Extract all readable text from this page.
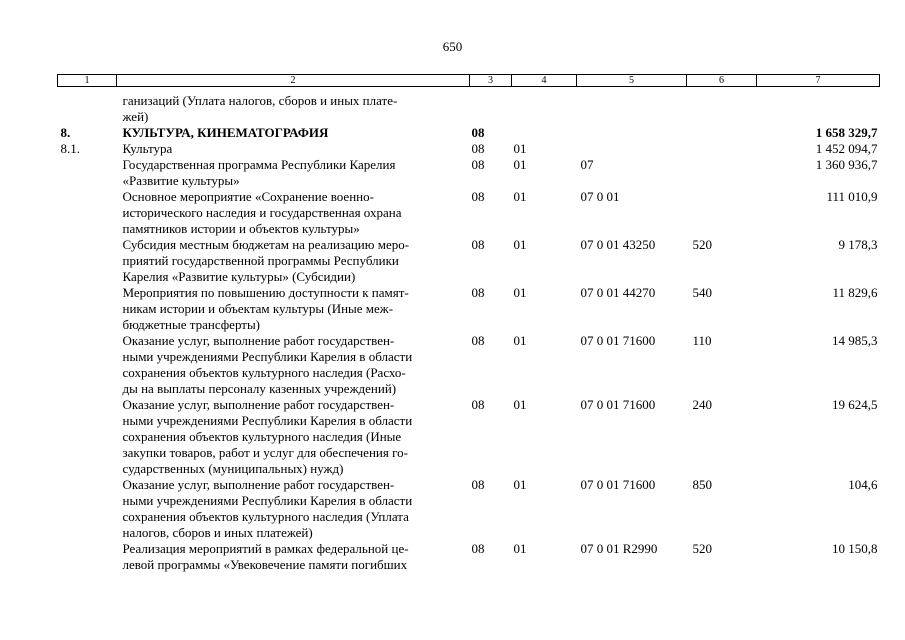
650
1	2	3	4	5	6	7

	ганизаций (Уплата налогов, сборов и иных плате-
жей)					
8.	КУЛЬТУРА, КИНЕМАТОГРАФИЯ	08				1 658 329,7
8.1.	Культура	08	01			1 452 094,7
	Государственная программа Республики Карелия
«Развитие культуры»	08	01	07		1 360 936,7
	Основное мероприятие «Сохранение военно-
исторического наследия и государственная охрана
памятников истории и объектов культуры»	08	01	07 0 01		111 010,9
	Субсидия местным бюджетам на реализацию меро-
приятий государственной программы Республики
Карелия «Развитие культуры» (Субсидии)	08	01	07 0 01 43250	520	9 178,3
	Мероприятия по повышению доступности к памят-
никам истории и объектам культуры (Иные меж-
бюджетные трансферты)	08	01	07 0 01 44270	540	11 829,6
	Оказание услуг, выполнение работ государствен-
ными учреждениями Республики Карелия в области
сохранения объектов культурного наследия (Расхо-
ды на выплаты персоналу казенных учреждений)	08	01	07 0 01 71600	110	14 985,3
	Оказание услуг, выполнение работ государствен-
ными учреждениями Республики Карелия в области
сохранения объектов культурного наследия (Иные
закупки товаров, работ и услуг для обеспечения го-
сударственных (муниципальных) нужд)	08	01	07 0 01 71600	240	19 624,5
	Оказание услуг, выполнение работ государствен-
ными учреждениями Республики Карелия в области
сохранения объектов культурного наследия (Уплата
налогов, сборов и иных платежей)	08	01	07 0 01 71600	850	104,6
	Реализация мероприятий в рамках федеральной це-
левой программы «Увековечение памяти погибших	08	01	07 0 01 R2990	520	10 150,8
